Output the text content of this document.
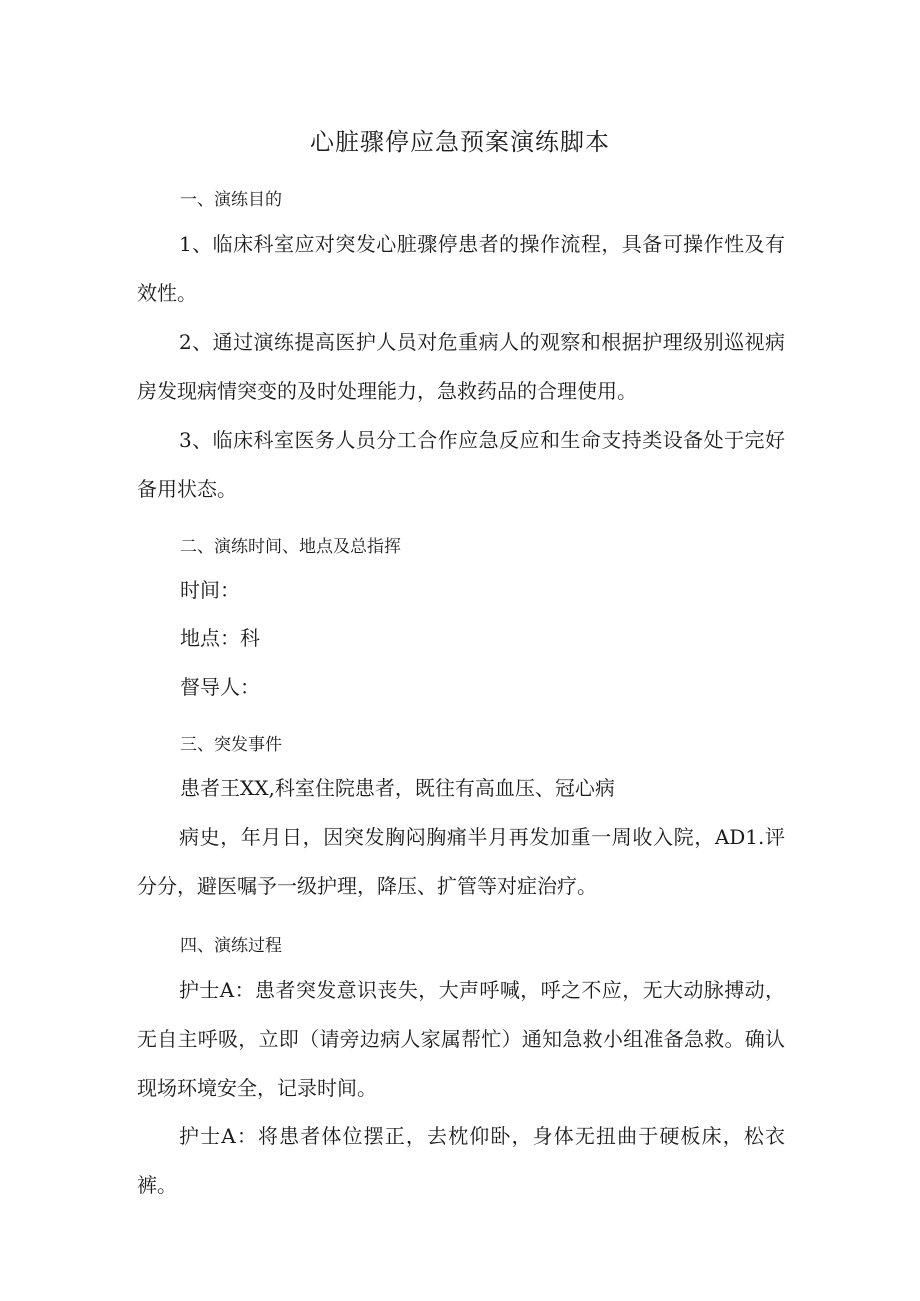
心脏骤停应急预案演练脚本
一、演练目的

1、临床科室应对突发心脏骤停患者的操作流程，具备可操作性及有效性。

2、通过演练提高医护人员对危重病人的观察和根据护理级别巡视病房发现病情突变的及时处理能力，急救药品的合理使用。

3、临床科室医务人员分工合作应急反应和生命支持类设备处于完好备用状态。

二、演练时间、地点及总指挥
时间：
地点：科
督导人：
三、突发事件
患者王XX,科室住院患者，既往有高血压、冠心病

病史，年月日，因突发胸闷胸痛半月再发加重一周收入院，AD1.评分分，避医嘱予一级护理，降压、扩管等对症治疗。

四、演练过程

护士A：患者突发意识丧失，大声呼喊，呼之不应，无大动脉搏动，无自主呼吸，立即（请旁边病人家属帮忙）通知急救小组准备急救。确认现场环境安全，记录时间。

护士A：将患者体位摆正，去枕仰卧，身体无扭曲于硬板床，松衣裤。
